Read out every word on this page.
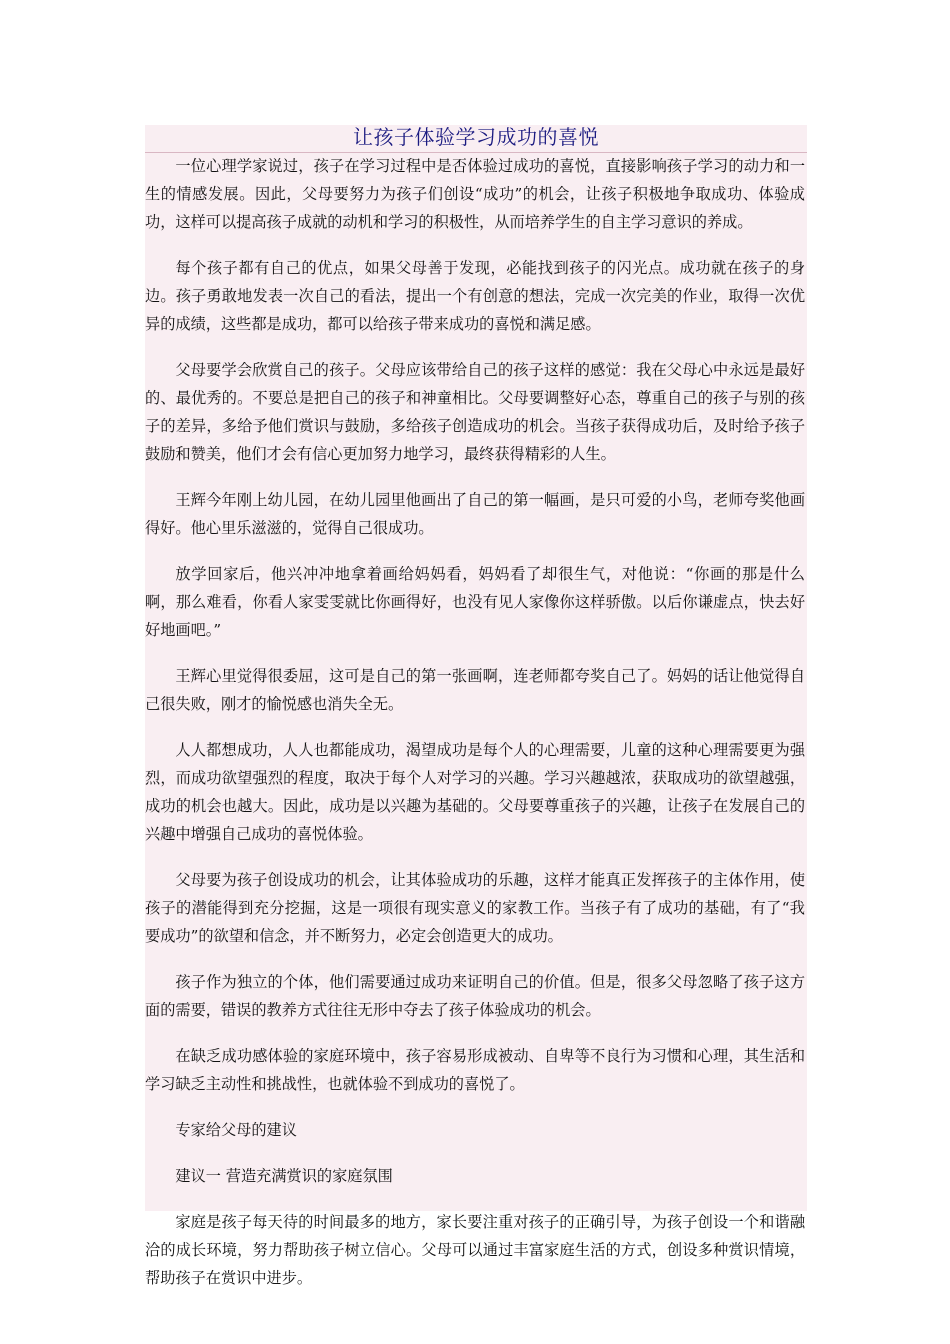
让孩子体验学习成功的喜悦

一位心理学家说过，孩子在学习过程中是否体验过成功的喜悦，直接影响孩子学习的动力和一生的情感发展。因此，父母要努力为孩子们创设“成功”的机会，让孩子积极地争取成功、体验成功，这样可以提高孩子成就的动机和学习的积极性，从而培养学生的自主学习意识的养成。

每个孩子都有自己的优点，如果父母善于发现，必能找到孩子的闪光点。成功就在孩子的身边。孩子勇敢地发表一次自己的看法，提出一个有创意的想法，完成一次完美的作业，取得一次优异的成绩，这些都是成功，都可以给孩子带来成功的喜悦和满足感。

父母要学会欣赏自己的孩子。父母应该带给自己的孩子这样的感觉：我在父母心中永远是最好的、最优秀的。不要总是把自己的孩子和神童相比。父母要调整好心态，尊重自己的孩子与别的孩子的差异，多给予他们赏识与鼓励，多给孩子创造成功的机会。当孩子获得成功后，及时给予孩子鼓励和赞美，他们才会有信心更加努力地学习，最终获得精彩的人生。

王辉今年刚上幼儿园，在幼儿园里他画出了自己的第一幅画，是只可爱的小鸟，老师夸奖他画得好。他心里乐滋滋的，觉得自己很成功。

放学回家后，他兴冲冲地拿着画给妈妈看，妈妈看了却很生气，对他说：“你画的那是什么啊，那么难看，你看人家雯雯就比你画得好，也没有见人家像你这样骄傲。以后你谦虚点，快去好好地画吧。”

王辉心里觉得很委屈，这可是自己的第一张画啊，连老师都夸奖自己了。妈妈的话让他觉得自己很失败，刚才的愉悦感也消失全无。

人人都想成功，人人也都能成功，渴望成功是每个人的心理需要，儿童的这种心理需要更为强烈，而成功欲望强烈的程度，取决于每个人对学习的兴趣。学习兴趣越浓，获取成功的欲望越强，成功的机会也越大。因此，成功是以兴趣为基础的。父母要尊重孩子的兴趣，让孩子在发展自己的兴趣中增强自己成功的喜悦体验。

父母要为孩子创设成功的机会，让其体验成功的乐趣，这样才能真正发挥孩子的主体作用，使孩子的潜能得到充分挖掘，这是一项很有现实意义的家教工作。当孩子有了成功的基础，有了“我要成功”的欲望和信念，并不断努力，必定会创造更大的成功。

孩子作为独立的个体，他们需要通过成功来证明自己的价值。但是，很多父母忽略了孩子这方面的需要，错误的教养方式往往无形中夺去了孩子体验成功的机会。

在缺乏成功感体验的家庭环境中，孩子容易形成被动、自卑等不良行为习惯和心理，其生活和学习缺乏主动性和挑战性，也就体验不到成功的喜悦了。

专家给父母的建议

建议一 营造充满赏识的家庭氛围

家庭是孩子每天待的时间最多的地方，家长要注重对孩子的正确引导，为孩子创设一个和谐融洽的成长环境，努力帮助孩子树立信心。父母可以通过丰富家庭生活的方式，创设多种赏识情境，帮助孩子在赏识中进步。
